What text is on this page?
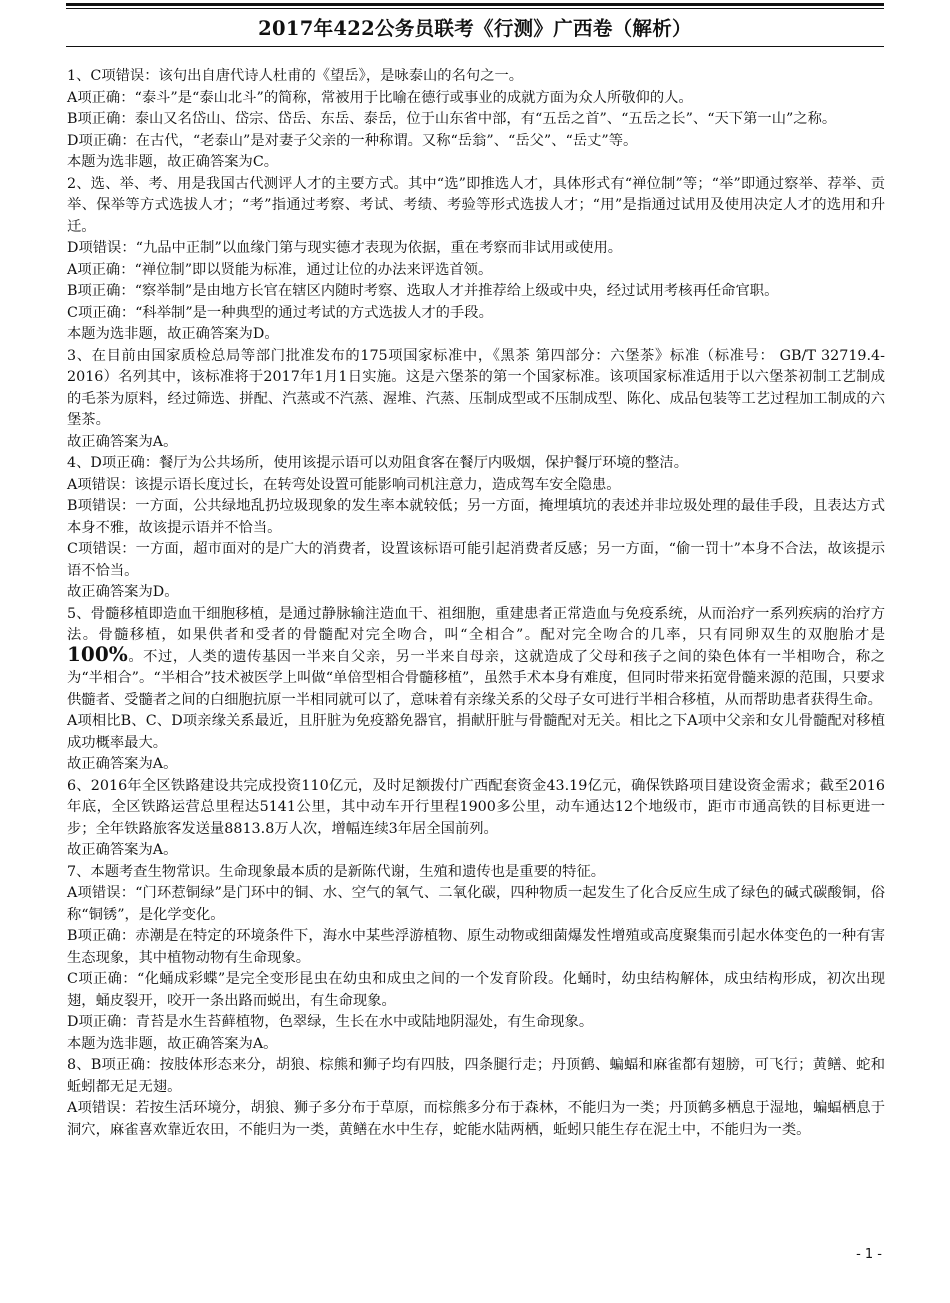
2017年422公务员联考《行测》广西卷（解析）

1、C项错误：该句出自唐代诗人杜甫的《望岳》，是咏泰山的名句之一。

A项正确：“泰斗”是“泰山北斗”的简称，常被用于比喻在德行或事业的成就方面为众人所敬仰的人。

B项正确：泰山又名岱山、岱宗、岱岳、东岳、泰岳，位于山东省中部，有“五岳之首”、“五岳之长”、“天下第一山”之称。

D项正确：在古代，“老泰山”是对妻子父亲的一种称谓。又称“岳翁”、“岳父”、“岳丈”等。

本题为选非题，故正确答案为C。

2、选、举、考、用是我国古代测评人才的主要方式。其中“选”即推选人才，具体形式有“禅位制”等；“举”即通过察举、荐举、贡举、保举等方式选拔人才；“考”指通过考察、考试、考绩、考验等形式选拔人才；“用”是指通过试用及使用决定人才的选用和升迁。

D项错误：“九品中正制”以血缘门第与现实德才表现为依据，重在考察而非试用或使用。

A项正确：“禅位制”即以贤能为标准，通过让位的办法来评选首领。

B项正确：“察举制”是由地方长官在辖区内随时考察、选取人才并推荐给上级或中央，经过试用考核再任命官职。

C项正确：“科举制”是一种典型的通过考试的方式选拔人才的手段。

本题为选非题，故正确答案为D。

3、在目前由国家质检总局等部门批准发布的175项国家标准中，《黑茶 第四部分：六堡茶》标准（标准号： GB/T 32719.4-2016）名列其中，该标准将于2017年1月1日实施。这是六堡茶的第一个国家标准。该项国家标准适用于以六堡茶初制工艺制成的毛茶为原料，经过筛选、拼配、汽蒸或不汽蒸、渥堆、汽蒸、压制成型或不压制成型、陈化、成品包装等工艺过程加工制成的六堡茶。

故正确答案为A。

4、D项正确：餐厅为公共场所，使用该提示语可以劝阻食客在餐厅内吸烟，保护餐厅环境的整洁。

A项错误：该提示语长度过长，在转弯处设置可能影响司机注意力，造成驾车安全隐患。

B项错误：一方面，公共绿地乱扔垃圾现象的发生率本就较低；另一方面，掩埋填坑的表述并非垃圾处理的最佳手段，且表达方式本身不雅，故该提示语并不恰当。

C项错误：一方面，超市面对的是广大的消费者，设置该标语可能引起消费者反感；另一方面，“偷一罚十”本身不合法，故该提示语不恰当。

故正确答案为D。

5、骨髓移植即造血干细胞移植，是通过静脉输注造血干、祖细胞，重建患者正常造血与免疫系统，从而治疗一系列疾病的治疗方法。骨髓移植，如果供者和受者的骨髓配对完全吻合，叫“全相合”。配对完全吻合的几率，只有同卵双生的双胞胎才是100%。不过，人类的遗传基因一半来自父亲，另一半来自母亲，这就造成了父母和孩子之间的染色体有一半相吻合，称之为“半相合”。“半相合”技术被医学上叫做“单倍型相合骨髓移植”，虽然手术本身有难度，但同时带来拓宽骨髓来源的范围，只要求供髓者、受髓者之间的白细胞抗原一半相同就可以了，意味着有亲缘关系的父母子女可进行半相合移植，从而帮助患者获得生命。

A项相比B、C、D项亲缘关系最近，且肝脏为免疫豁免器官，捐献肝脏与骨髓配对无关。相比之下A项中父亲和女儿骨髓配对移植成功概率最大。

故正确答案为A。

6、2016年全区铁路建设共完成投资110亿元，及时足额拨付广西配套资金43.19亿元，确保铁路项目建设资金需求；截至2016年底，全区铁路运营总里程达5141公里，其中动车开行里程1900多公里，动车通达12个地级市，距市市通高铁的目标更进一步；全年铁路旅客发送量8813.8万人次，增幅连续3年居全国前列。

故正确答案为A。

7、本题考查生物常识。生命现象最本质的是新陈代谢，生殖和遗传也是重要的特征。

A项错误：“门环惹铜绿”是门环中的铜、水、空气的氧气、二氧化碳，四种物质一起发生了化合反应生成了绿色的碱式碳酸铜，俗称“铜锈”，是化学变化。

B项正确：赤潮是在特定的环境条件下，海水中某些浮游植物、原生动物或细菌爆发性增殖或高度聚集而引起水体变色的一种有害生态现象，其中植物动物有生命现象。

C项正确：“化蛹成彩蝶”是完全变形昆虫在幼虫和成虫之间的一个发育阶段。化蛹时，幼虫结构解体，成虫结构形成，初次出现翅，蛹皮裂开，咬开一条出路而蜕出，有生命现象。

D项正确：青苔是水生苔藓植物，色翠绿，生长在水中或陆地阴湿处，有生命现象。

本题为选非题，故正确答案为A。

8、B项正确：按肢体形态来分，胡狼、棕熊和狮子均有四肢，四条腿行走；丹顶鹤、蝙蝠和麻雀都有翅膀，可飞行；黄鳝、蛇和蚯蚓都无足无翅。

A项错误：若按生活环境分，胡狼、狮子多分布于草原，而棕熊多分布于森林，不能归为一类；丹顶鹤多栖息于湿地，蝙蝠栖息于洞穴，麻雀喜欢靠近农田，不能归为一类，黄鳝在水中生存，蛇能水陆两栖，蚯蚓只能生存在泥土中，不能归为一类。

- 1 -
